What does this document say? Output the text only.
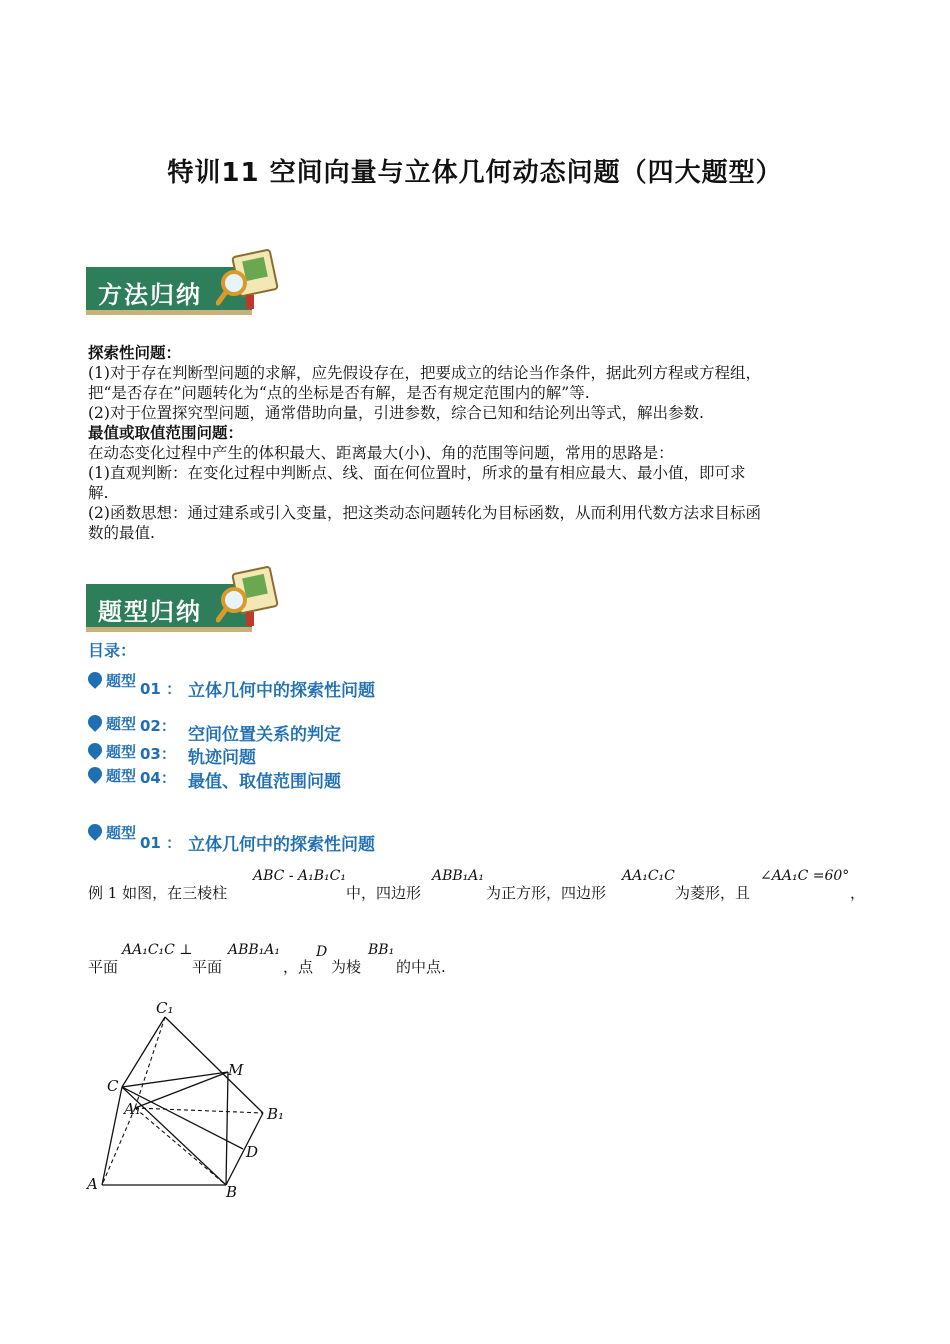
特训11 空间向量与立体几何动态问题（四大题型）
方法归纳
探索性问题：
(1)对于存在判断型问题的求解，应先假设存在，把要成立的结论当作条件，据此列方程或方程组，
把“是否存在”问题转化为“点的坐标是否有解，是否有规定范围内的解”等.
(2)对于位置探究型问题，通常借助向量，引进参数，综合已知和结论列出等式，解出参数.
最值或取值范围问题：
在动态变化过程中产生的体积最大、距离最大(小)、角的范围等问题，常用的思路是：
(1)直观判断：在变化过程中判断点、线、面在何位置时，所求的量有相应最大、最小值，即可求
解.
(2)函数思想：通过建系或引入变量，把这类动态问题转化为目标函数，从而利用代数方法求目标函
数的最值.
题型归纳
目录：
题型 01 ： 立体几何中的探索性问题
题型 02： 空间位置关系的判定
题型 03： 轨迹问题
题型 04： 最值、取值范围问题
题型
01 ： 立体几何中的探索性问题
例 1 如图，在三棱柱
ABC - A₁B₁C₁
中，四边形
ABB₁A₁
为正方形，四边形
AA₁C₁C
为菱形，且
∠AA₁C =60°
，
平面
AA₁C₁C ⊥
平面
ABB₁A₁
，点
D
为棱
BB₁
的中点.
C₁
C
M
A₁	B₁
D
A	B
